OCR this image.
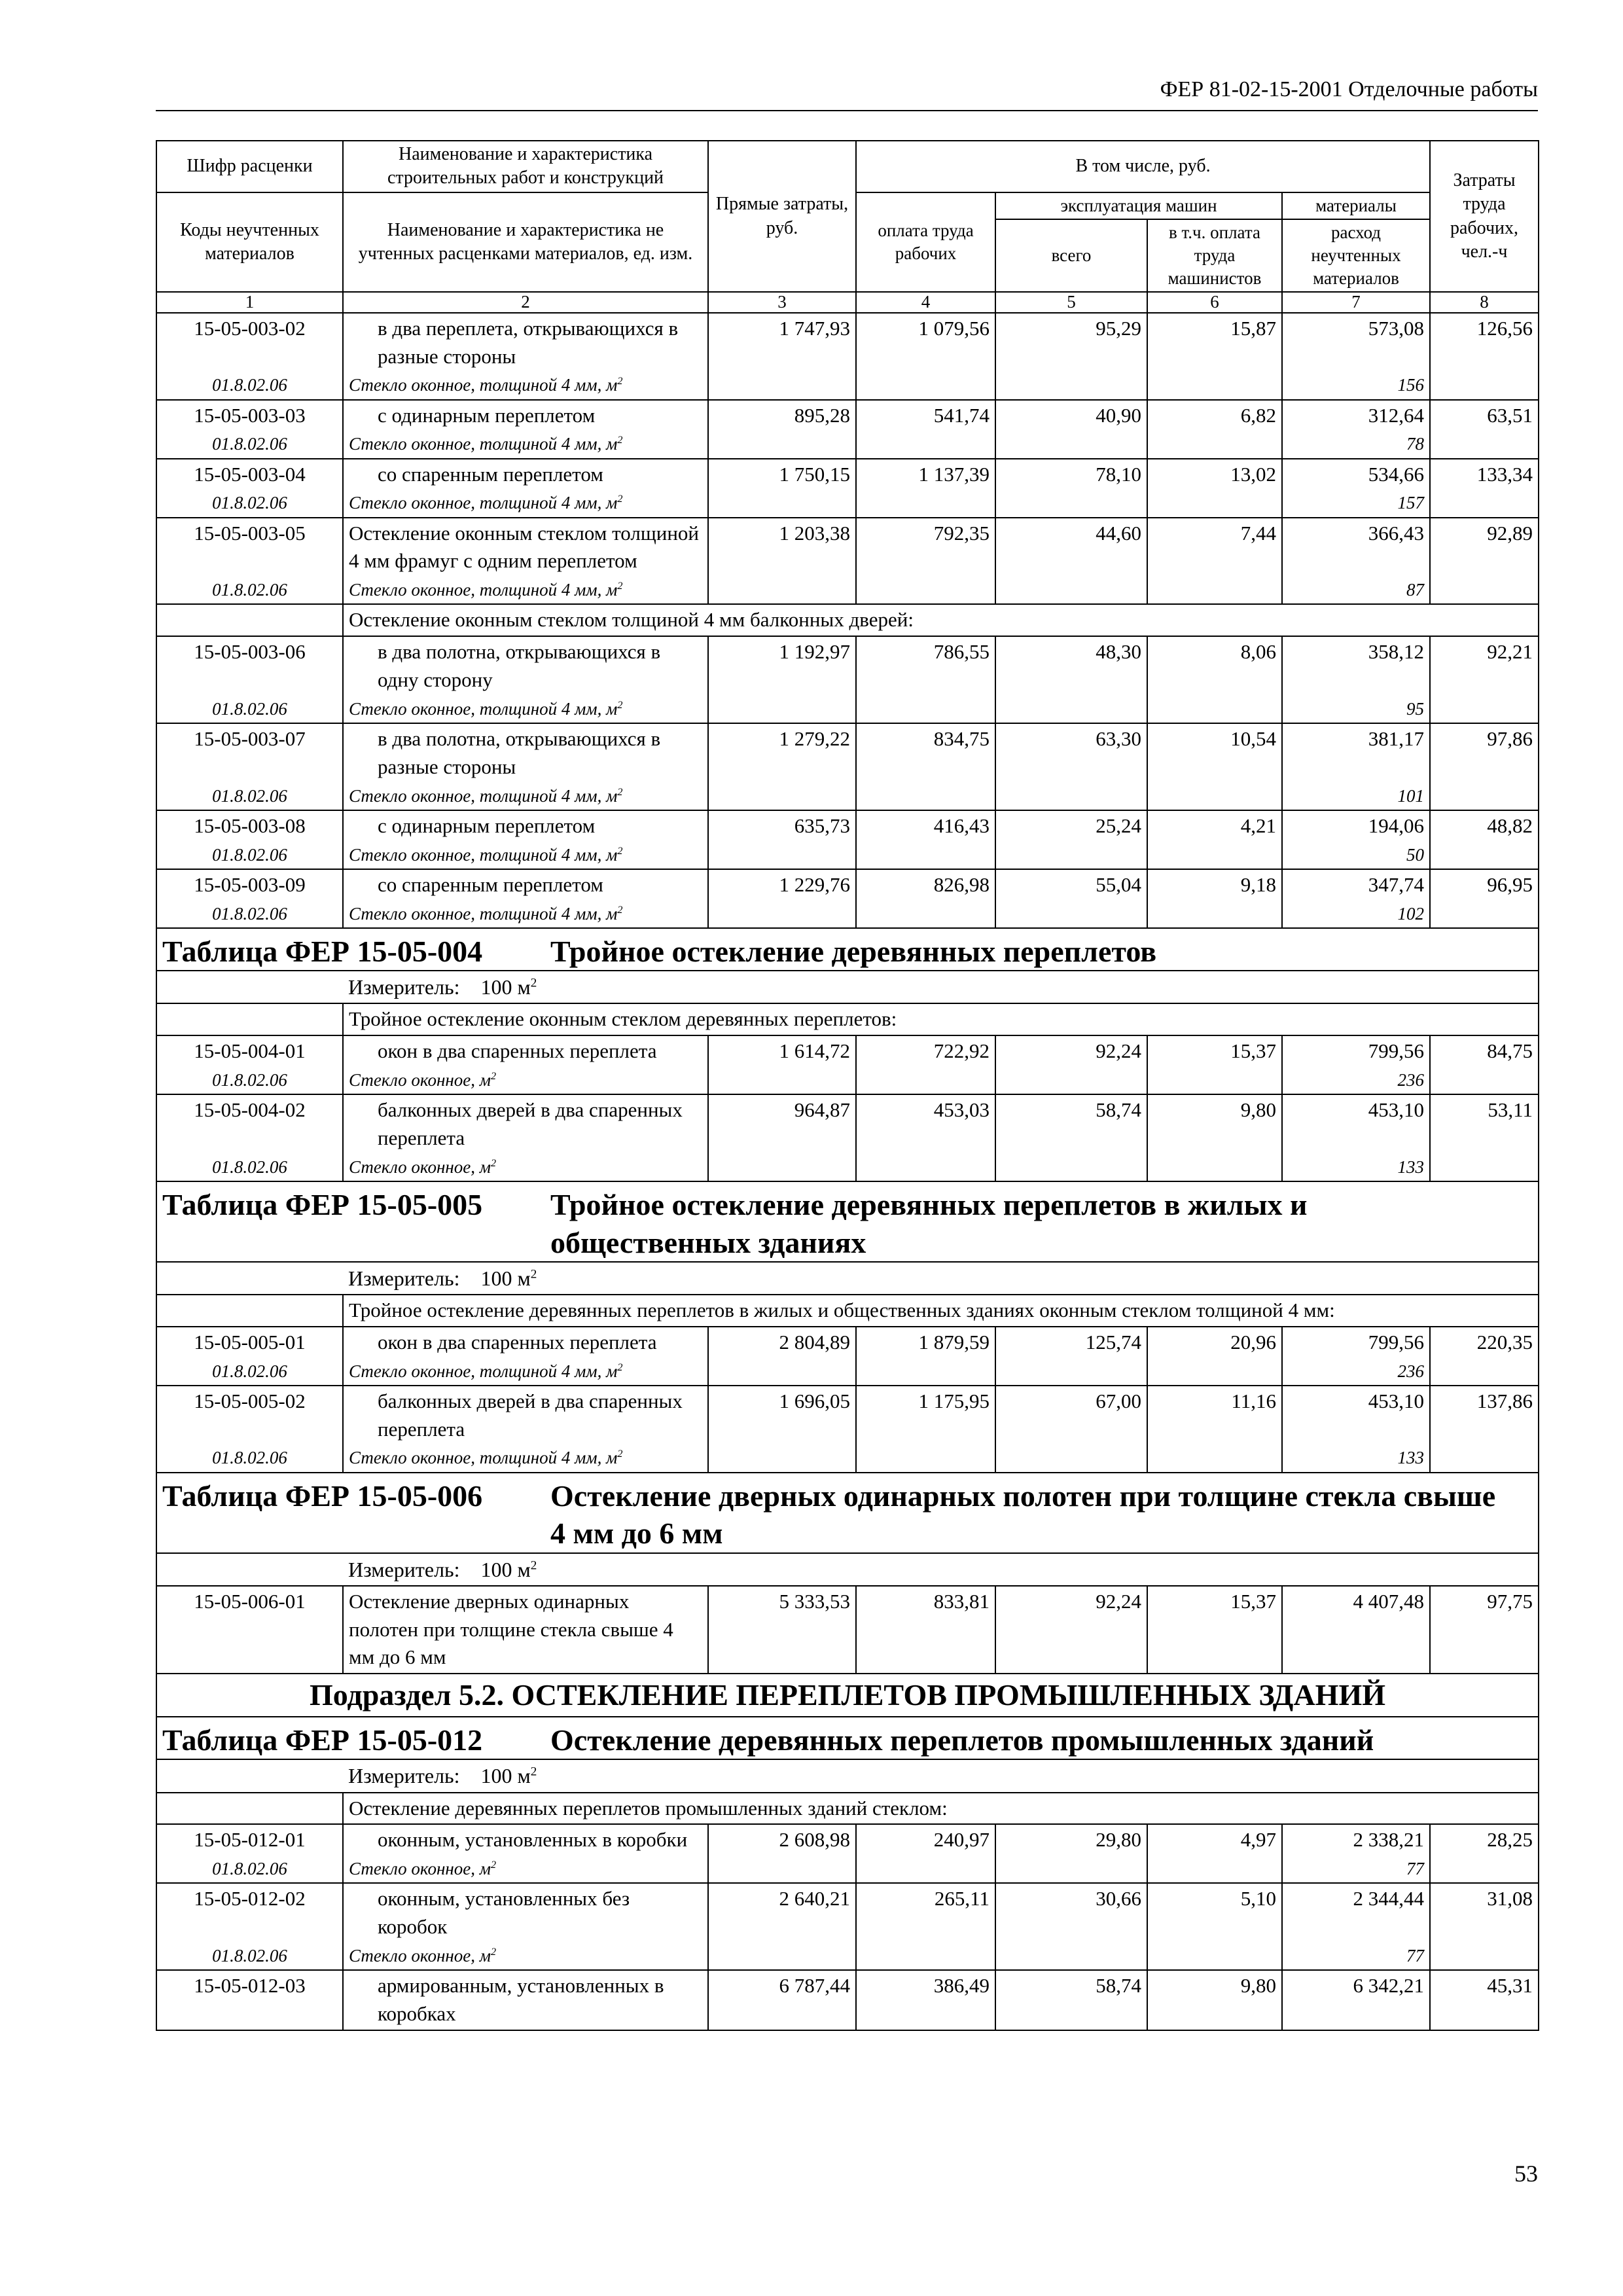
ФЕР 81-02-15-2001 Отделочные работы
Шифр расценки	Наименование и характеристика строительных работ и конструкций	Прямые затраты, руб.	В том числе, руб.				Затраты труда рабочих, чел.-ч
Коды неучтенных материалов	Наименование и характеристика не учтенных расценками материалов, ед. изм.		оплата труда рабочих	эксплуатация машин		материалы	
				всего	в т.ч. оплата труда машинистов	расход неучтенных материалов	
1	2	3	4	5	6	7	8
15-05-003-02	в два переплета, открывающихся в разные стороны	1 747,93	1 079,56	95,29	15,87	573,08	126,56
01.8.02.06	Стекло оконное, толщиной 4 мм, $м^2$					156	
15-05-003-03	с одинарным переплетом	895,28	541,74	40,90	6,82	312,64	63,51
01.8.02.06	Стекло оконное, толщиной 4 мм, $м^2$					78	
15-05-003-04	со спаренным переплетом	1 750,15	1 137,39	78,10	13,02	534,66	133,34
01.8.02.06	Стекло оконное, толщиной 4 мм, $м^2$					157	
15-05-003-05	Остекление оконным стеклом толщиной 4 мм фрамуг с одним переплетом	1 203,38	792,35	44,60	7,44	366,43	92,89
01.8.02.06	Стекло оконное, толщиной 4 мм, $м^2$					87	
	Остекление оконным стеклом толщиной 4 мм балконных дверей:						
15-05-003-06	в два полотна, открывающихся в одну сторону	1 192,97	786,55	48,30	8,06	358,12	92,21
01.8.02.06	Стекло оконное, толщиной 4 мм, $м^2$					95	
15-05-003-07	в два полотна, открывающихся в разные стороны	1 279,22	834,75	63,30	10,54	381,17	97,86
01.8.02.06	Стекло оконное, толщиной 4 мм, $м^2$					101	
15-05-003-08	с одинарным переплетом	635,73	416,43	25,24	4,21	194,06	48,82
01.8.02.06	Стекло оконное, толщиной 4 мм, $м^2$					50	
15-05-003-09	со спаренным переплетом	1 229,76	826,98	55,04	9,18	347,74	96,95
01.8.02.06	Стекло оконное, толщиной 4 мм, $м^2$					102	
Таблица ФЕР 15-05-004 Тройное остекление деревянных переплетов							
Измеритель: 100 $м^2$
	Тройное остекление оконным стеклом деревянных переплетов:						
15-05-004-01	окон в два спаренных переплета	1 614,72	722,92	92,24	15,37	799,56	84,75
01.8.02.06	Стекло оконное, $м^2$					236	
15-05-004-02	балконных дверей в два спаренных переплета	964,87	453,03	58,74	9,80	453,10	53,11
01.8.02.06	Стекло оконное, $м^2$					133	
Таблица ФЕР 15-05-005 Тройное остекление деревянных переплетов в жилых и общественных зданиях							
Измеритель: 100 $м^2$
	Тройное остекление деревянных переплетов в жилых и общественных зданиях оконным стеклом толщиной 4 мм:						
15-05-005-01	окон в два спаренных переплета	2 804,89	1 879,59	125,74	20,96	799,56	220,35
01.8.02.06	Стекло оконное, толщиной 4 мм, $м^2$					236	
15-05-005-02	балконных дверей в два спаренных переплета	1 696,05	1 175,95	67,00	11,16	453,10	137,86
01.8.02.06	Стекло оконное, толщиной 4 мм, $м^2$					133	
Таблица ФЕР 15-05-006 Остекление дверных одинарных полотен при толщине стекла свыше 4 мм до 6 мм							
Измеритель: 100 $м^2$
15-05-006-01	Остекление дверных одинарных полотен при толщине стекла свыше 4 мм до 6 мм	5 333,53	833,81	92,24	15,37	4 407,48	97,75
Подраздел 5.2. ОСТЕКЛЕНИЕ ПЕРЕПЛЕТОВ ПРОМЫШЛЕННЫХ ЗДАНИЙ							
Таблица ФЕР 15-05-012 Остекление деревянных переплетов промышленных зданий							
Измеритель: 100 $м^2$
	Остекление деревянных переплетов промышленных зданий стеклом:						
15-05-012-01	оконным, установленных в коробки	2 608,98	240,97	29,80	4,97	2 338,21	28,25
01.8.02.06	Стекло оконное, $м^2$					77	
15-05-012-02	оконным, установленных без коробок	2 640,21	265,11	30,66	5,10	2 344,44	31,08
01.8.02.06	Стекло оконное, $м^2$					77	
15-05-012-03	армированным, установленных в коробках	6 787,44	386,49	58,74	9,80	6 342,21	45,31
53
